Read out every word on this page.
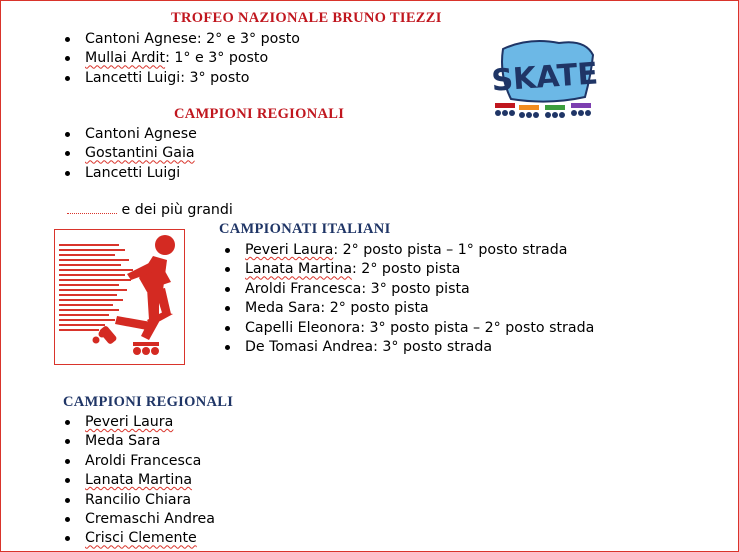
TROFEO NAZIONALE BRUNO TIEZZI
Cantoni Agnese: 2° e 3° posto
Mullai Ardit: 1° e 3° posto
Lancetti Luigi: 3° posto
CAMPIONI REGIONALI
Cantoni Agnese
Gostantini Gaia
Lancetti Luigi
e dei più grandi
CAMPIONATI ITALIANI
Peveri Laura: 2° posto pista – 1° posto strada
Lanata Martina: 2° posto pista
Aroldi Francesca: 3° posto pista
Meda Sara: 2° posto pista
Capelli Eleonora: 3° posto pista – 2° posto strada
De Tomasi Andrea: 3° posto strada
CAMPIONI REGIONALI
Peveri Laura
Meda Sara
Aroldi Francesca
Lanata Martina
Rancilio Chiara
Cremaschi Andrea
Crisci Clemente
SKATE
